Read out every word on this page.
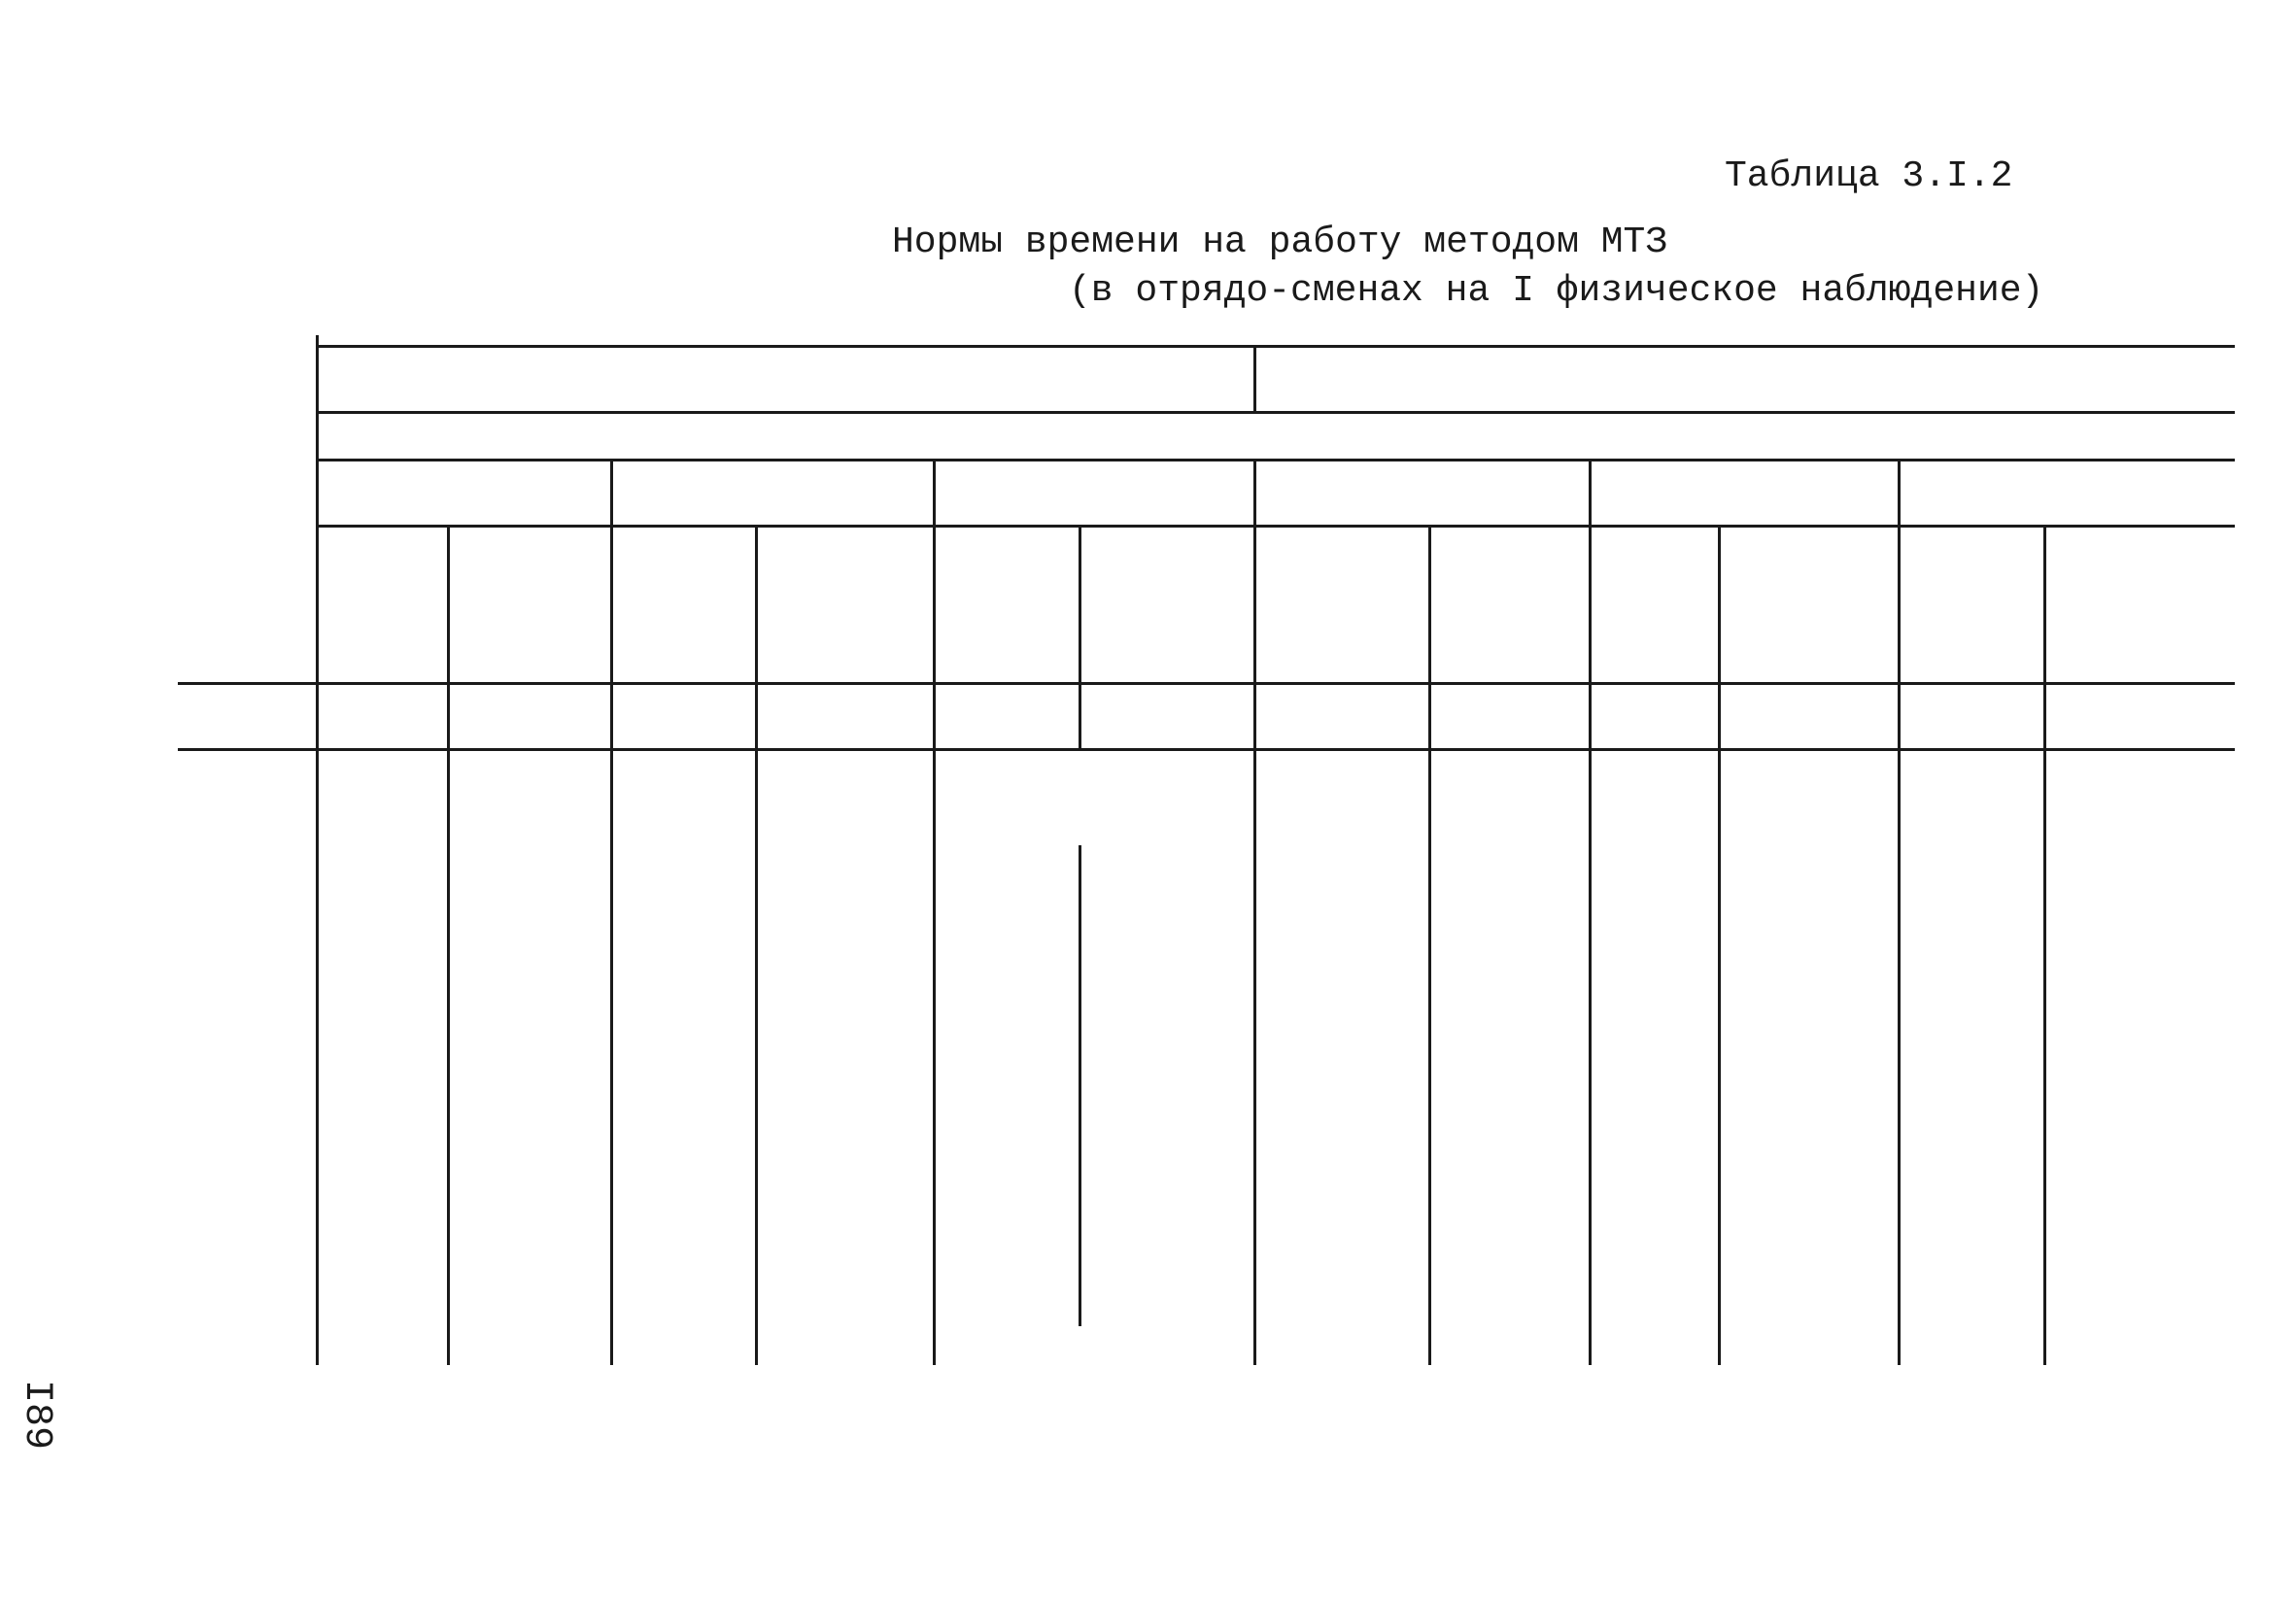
Таблица 3.I.2
Нормы времени на работу методом МТЗ
(в отрядо-сменах на I физическое наблюдение)
I89
